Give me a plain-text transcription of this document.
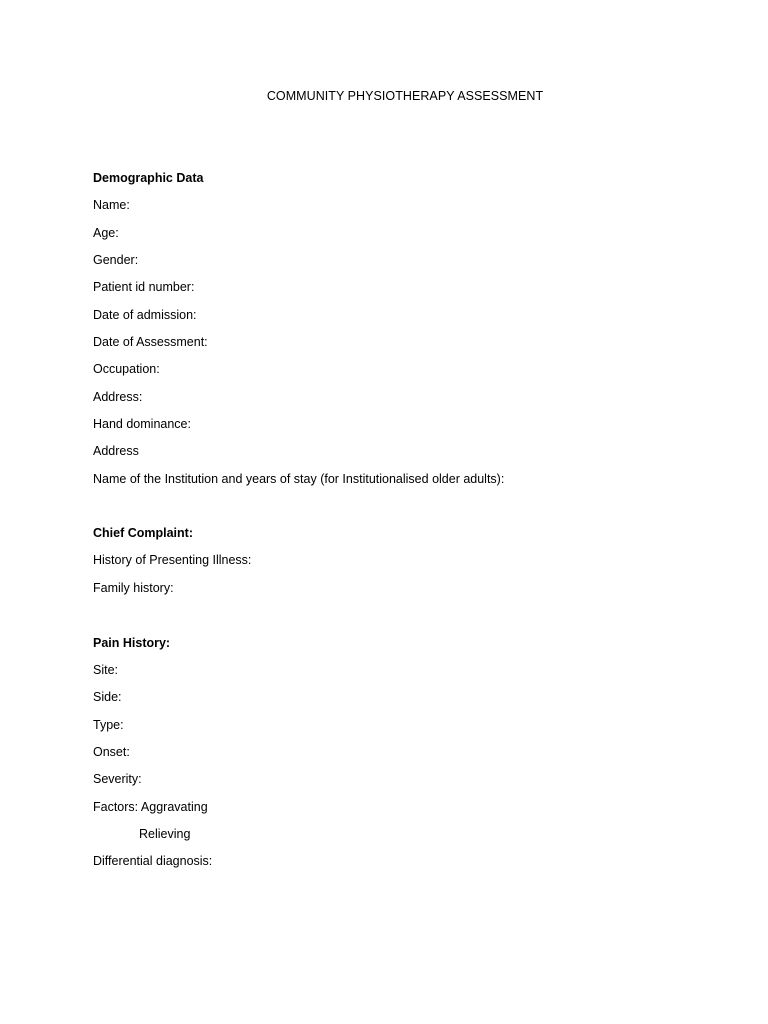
COMMUNITY PHYSIOTHERAPY ASSESSMENT
Demographic Data
Name:
Age:
Gender:
Patient id number:
Date of admission:
Date of Assessment:
Occupation:
Address:
Hand dominance:
Address
Name of the Institution and years of stay (for Institutionalised older adults):
Chief Complaint:
History of Presenting Illness:
Family history:
Pain History:
Site:
Side:
Type:
Onset:
Severity:
Factors: Aggravating
Relieving
Differential diagnosis:
